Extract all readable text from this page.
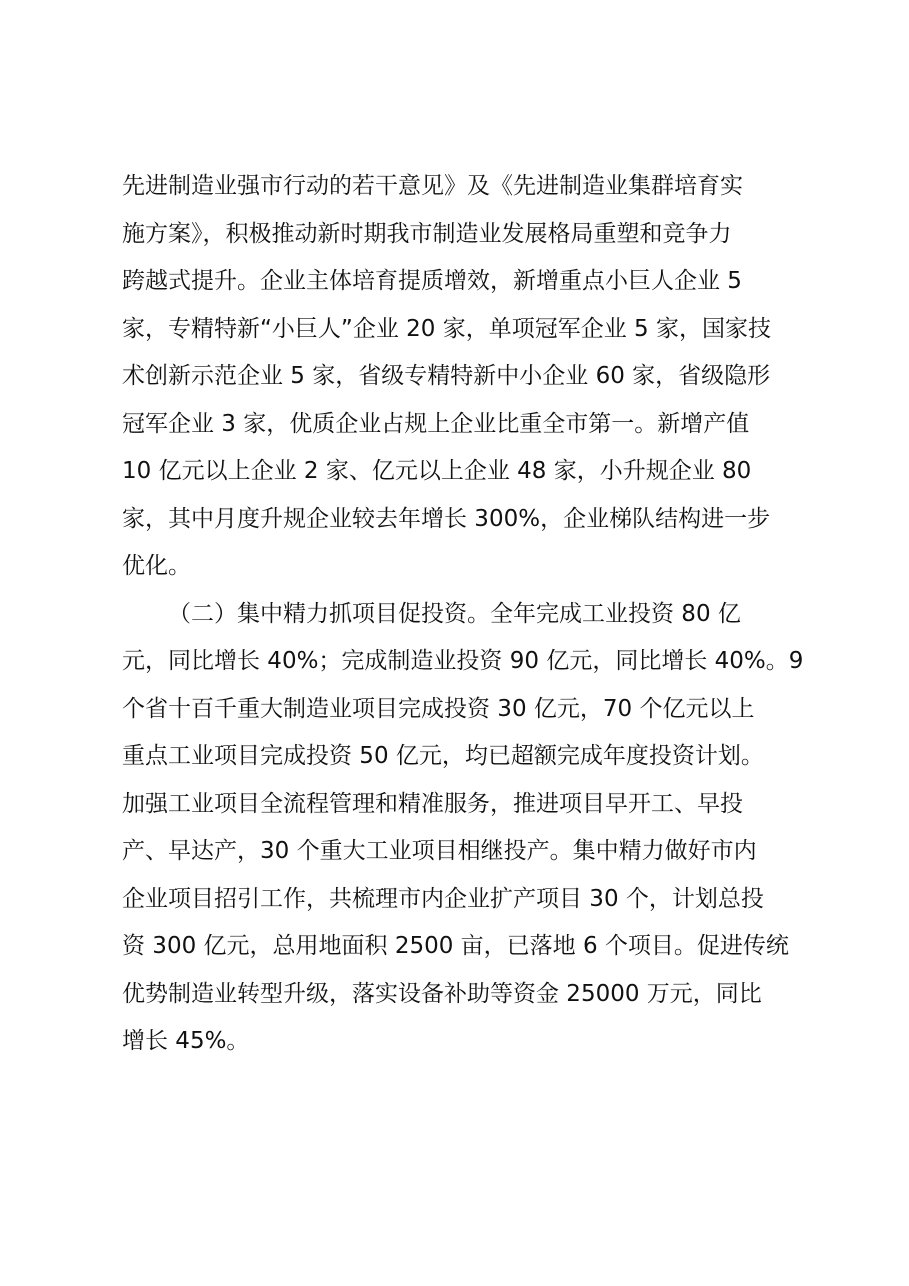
先进制造业强市行动的若干意见》及《先进制造业集群培育实
施方案》，积极推动新时期我市制造业发展格局重塑和竞争力
跨越式提升。企业主体培育提质增效，新增重点小巨人企业 5
家，专精特新“小巨人”企业 20 家，单项冠军企业 5 家，国家技
术创新示范企业 5 家，省级专精特新中小企业 60 家，省级隐形
冠军企业 3 家，优质企业占规上企业比重全市第一。新增产值
10 亿元以上企业 2 家、亿元以上企业 48 家，小升规企业 80
家，其中月度升规企业较去年增长 300%，企业梯队结构进一步
优化。
（二）集中精力抓项目促投资。全年完成工业投资 80 亿
元，同比增长 40%；完成制造业投资 90 亿元，同比增长 40%。9
个省十百千重大制造业项目完成投资 30 亿元，70 个亿元以上
重点工业项目完成投资 50 亿元，均已超额完成年度投资计划。
加强工业项目全流程管理和精准服务，推进项目早开工、早投
产、早达产，30 个重大工业项目相继投产。集中精力做好市内
企业项目招引工作，共梳理市内企业扩产项目 30 个，计划总投
资 300 亿元，总用地面积 2500 亩，已落地 6 个项目。促进传统
优势制造业转型升级，落实设备补助等资金 25000 万元，同比
增长 45%。
